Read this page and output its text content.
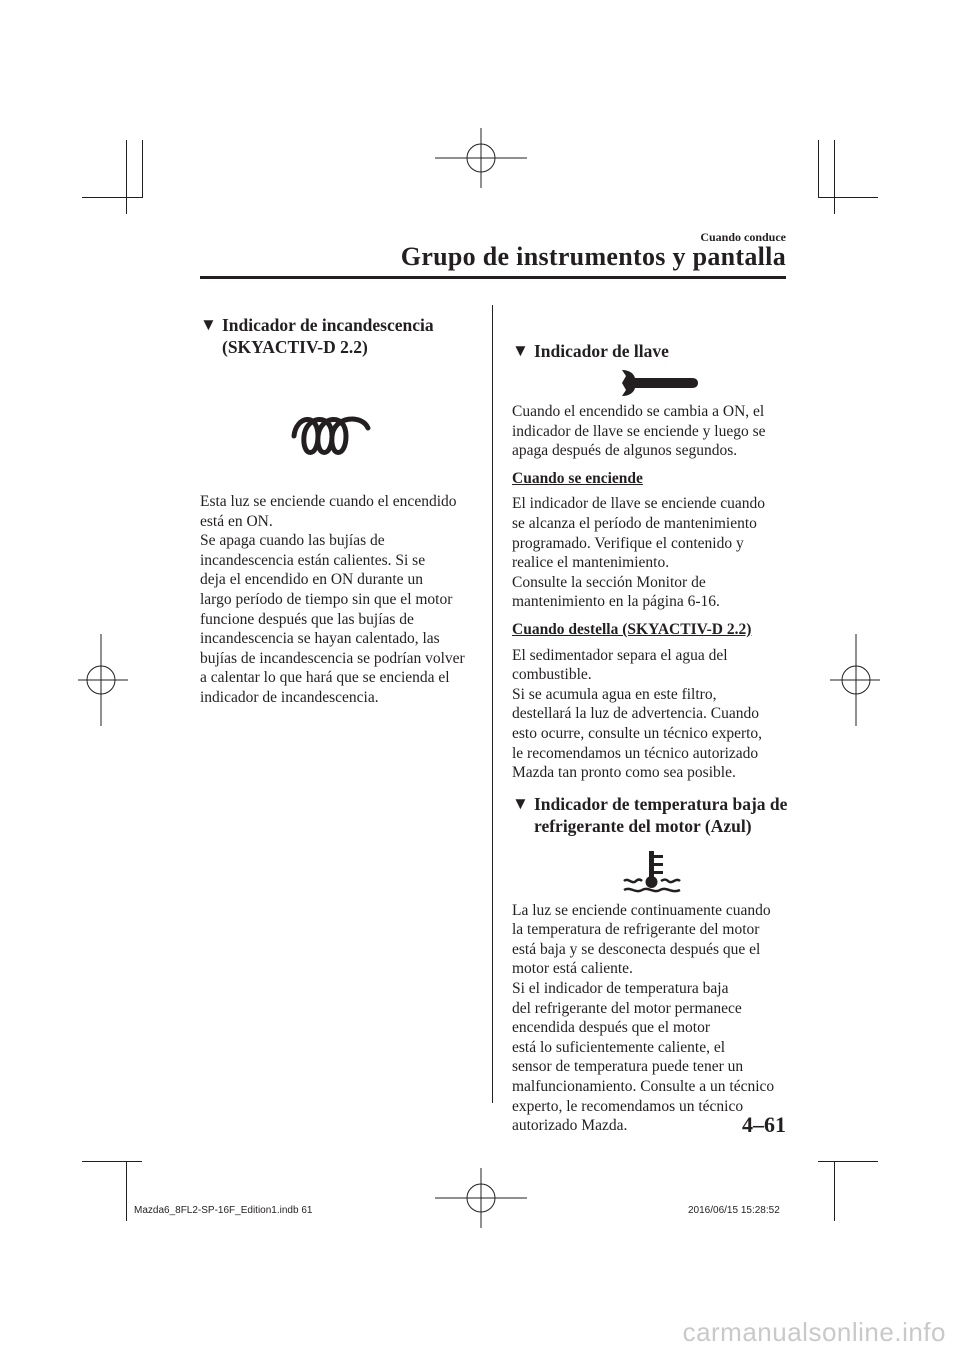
Cuando conduce
Grupo de instrumentos y pantalla
▼ Indicador de incandescencia
(SKYACTIV-D 2.2)

Esta luz se enciende cuando el encendido
está en ON.

Se apaga cuando las bujías de
incandescencia están calientes. Si se
deja el encendido en ON durante un
largo período de tiempo sin que el motor
funcione después que las bujías de
incandescencia se hayan calentado, las
bujías de incandescencia se podrían volver
a calentar lo que hará que se encienda el
indicador de incandescencia.

▼ Indicador de llave

Cuando el encendido se cambia a ON, el
indicador de llave se enciende y luego se
apaga después de algunos segundos.

Cuando se enciende

El indicador de llave se enciende cuando
se alcanza el período de mantenimiento
programado. Verifique el contenido y
realice el mantenimiento.
Consulte la sección Monitor de
mantenimiento en la página 6-16.

Cuando destella (SKYACTIV-D 2.2)

El sedimentador separa el agua del
combustible.
Si se acumula agua en este filtro,
destellará la luz de advertencia. Cuando
esto ocurre, consulte un técnico experto,
le recomendamos un técnico autorizado
Mazda tan pronto como sea posible.

▼ Indicador de temperatura baja de
refrigerante del motor (Azul)

La luz se enciende continuamente cuando
la temperatura de refrigerante del motor
está baja y se desconecta después que el
motor está caliente.
Si el indicador de temperatura baja
del refrigerante del motor permanece
encendida después que el motor
está lo suficientemente caliente, el
sensor de temperatura puede tener un
malfuncionamiento. Consulte a un técnico
experto, le recomendamos un técnico
autorizado Mazda.	4–61
Mazda6_8FL2-SP-16F_Edition1.indb 61	2016/06/15 15:28:52
carmanualsonline.info
